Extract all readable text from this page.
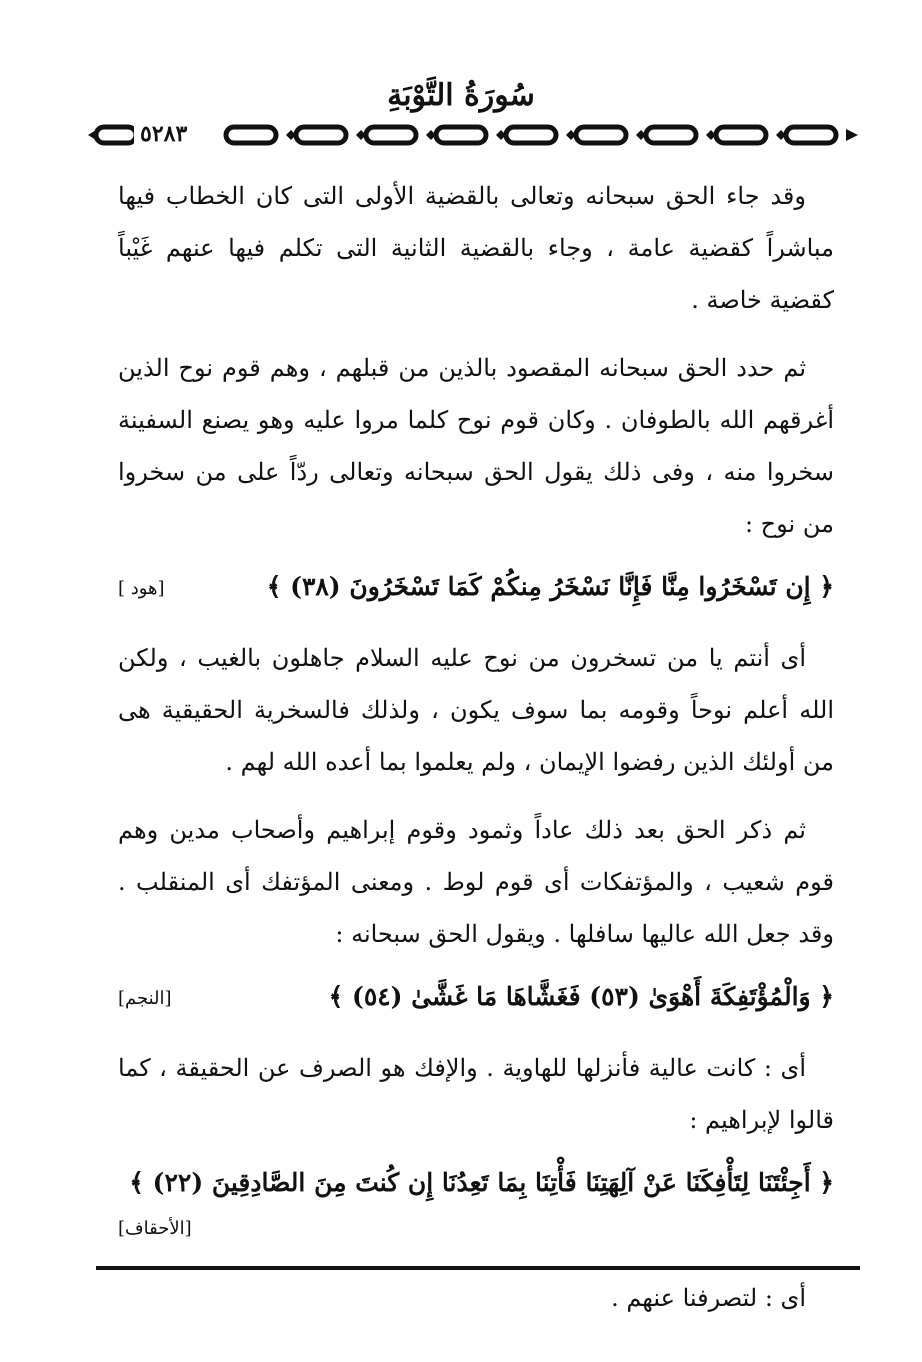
سُورَةُ التَّوْبَةِ
٥٢٨٣

وقد جاء الحق سبحانه وتعالى بالقضية الأولى التى كان الخطاب فيها مباشراً كقضية عامة ، وجاء بالقضية الثانية التى تكلم فيها عنهم غَيْباً كقضية خاصة .

ثم حدد الحق سبحانه المقصود بالذين من قبلهم ، وهم قوم نوح الذين أغرقهم الله بالطوفان . وكان قوم نوح كلما مروا عليه وهو يصنع السفينة سخروا منه ، وفى ذلك يقول الحق سبحانه وتعالى ردّاً على من سخروا من نوح :

﴿ إِن تَسْخَرُوا مِنَّا فَإِنَّا نَسْخَرُ مِنكُمْ كَمَا تَسْخَرُونَ (٣٨) ﴾
[هود ]

أى أنتم يا من تسخرون من نوح عليه السلام جاهلون بالغيب ، ولكن الله أعلم نوحاً وقومه بما سوف يكون ، ولذلك فالسخرية الحقيقية هى من أولئك الذين رفضوا الإيمان ، ولم يعلموا بما أعده الله لهم .

ثم ذكر الحق بعد ذلك عاداً وثمود وقوم إبراهيم وأصحاب مدين وهم قوم شعيب ، والمؤتفكات أى قوم لوط . ومعنى المؤتفك أى المنقلب . وقد جعل الله عاليها سافلها . ويقول الحق سبحانه :

﴿ وَالْمُؤْتَفِكَةَ أَهْوَىٰ (٥٣) فَغَشَّاهَا مَا غَشَّىٰ (٥٤) ﴾
[النجم]

أى : كانت عالية فأنزلها للهاوية . والإفك هو الصرف عن الحقيقة ، كما قالوا لإبراهيم :

﴿ أَجِئْتَنَا لِتَأْفِكَنَا عَنْ آلِهَتِنَا فَأْتِنَا بِمَا تَعِدُنَا إِن كُنتَ مِنَ الصَّادِقِينَ (٢٢) ﴾
[الأحقاف]

أى : لتصرفنا عنهم .
